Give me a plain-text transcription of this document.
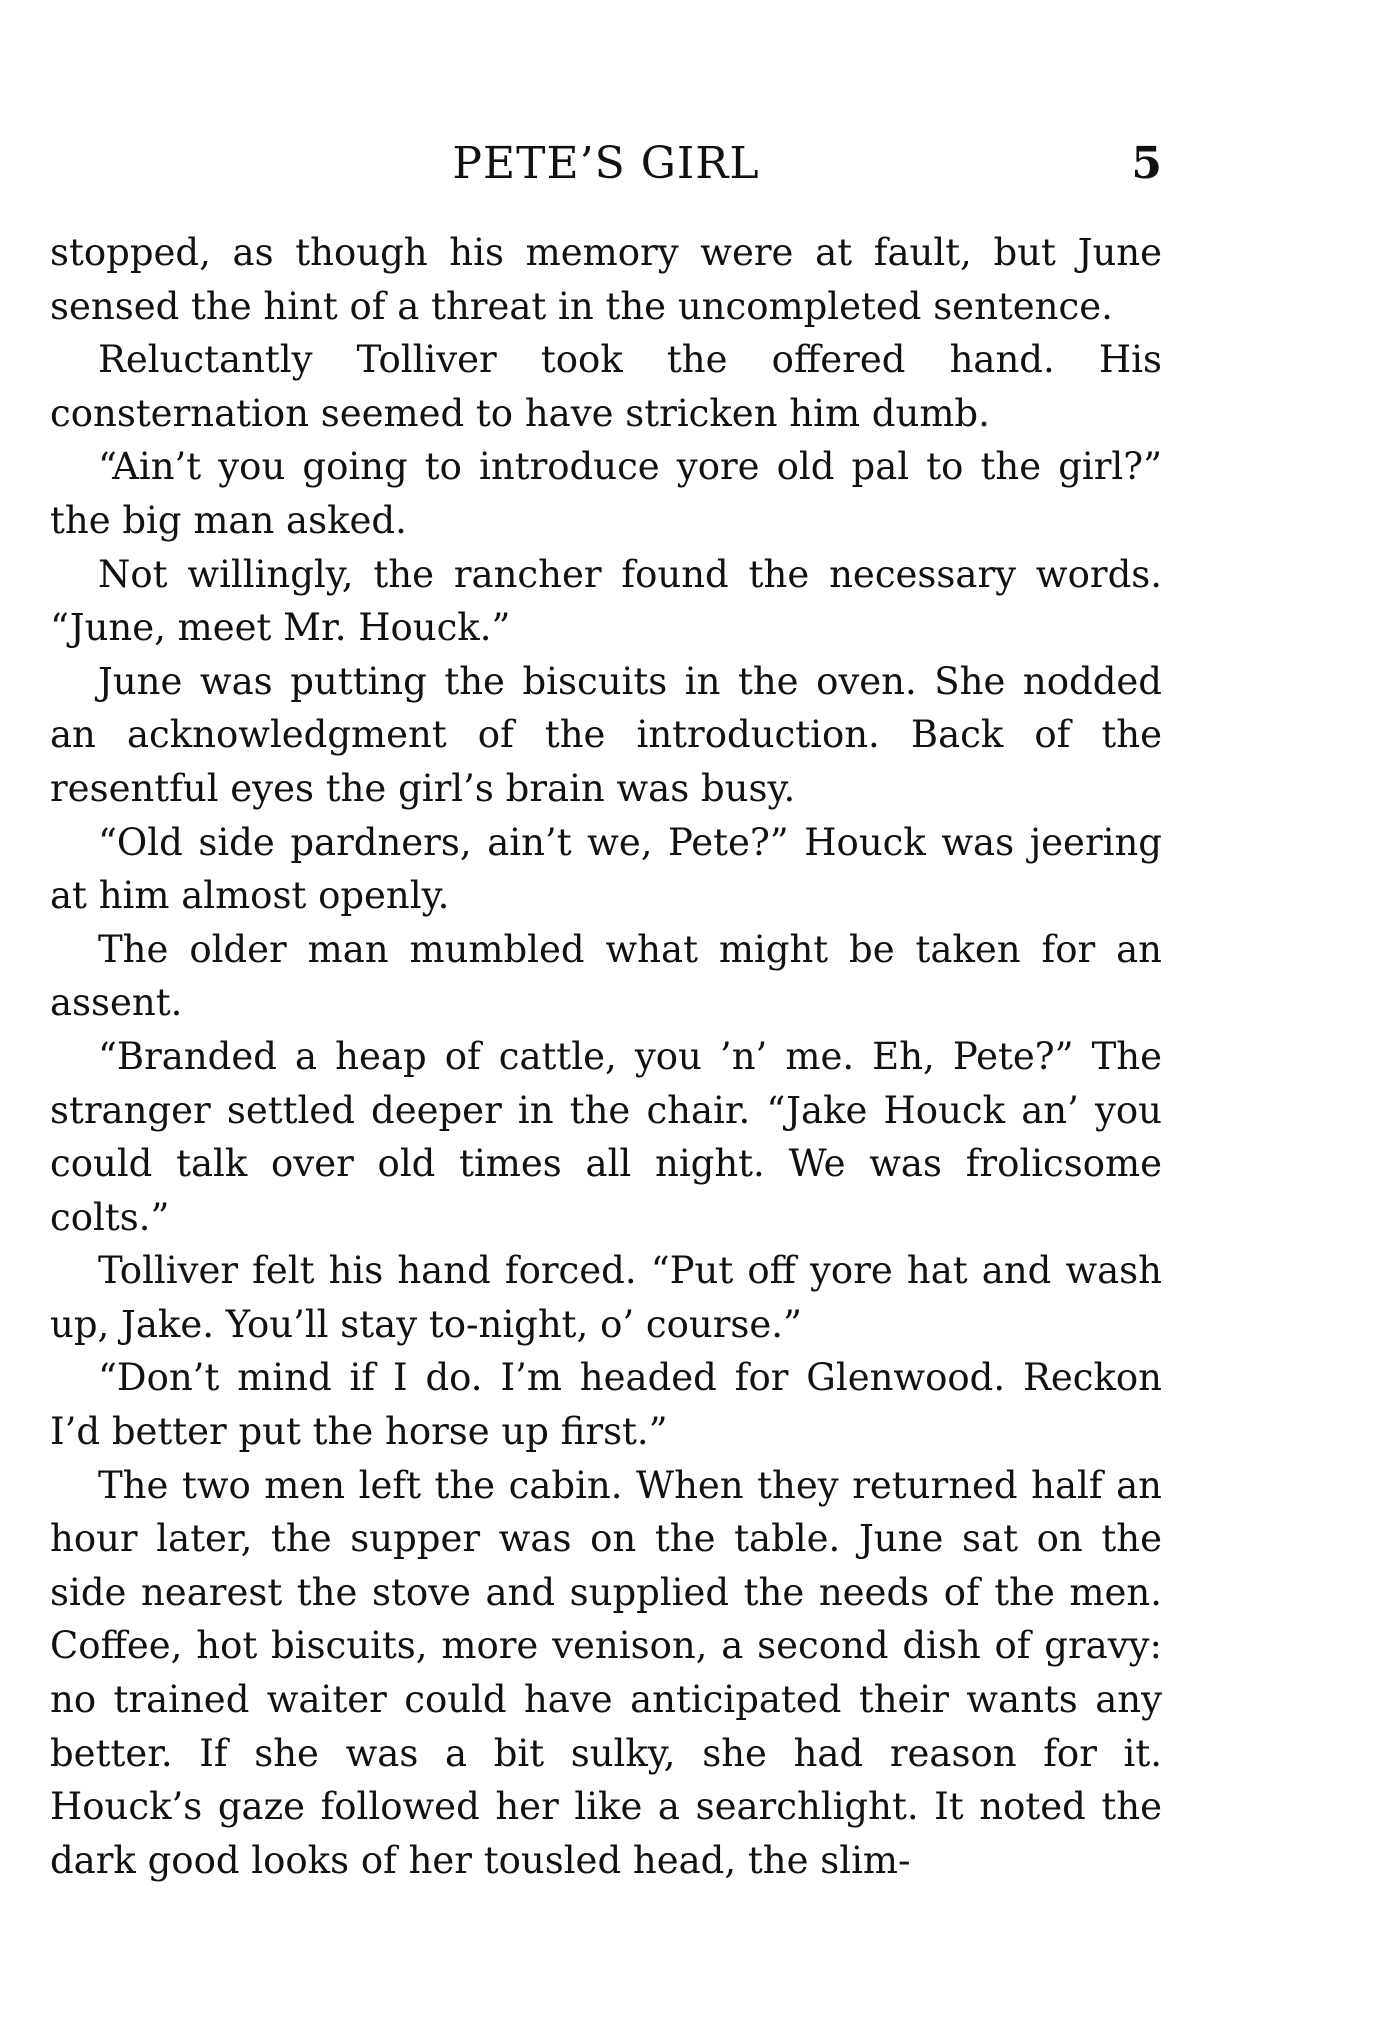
PETE’S GIRL	5

stopped, as though his memory were at fault, but June sensed the hint of a threat in the uncompleted sentence.

Reluctantly Tolliver took the offered hand. His consternation seemed to have stricken him dumb.

“Ain’t you going to introduce yore old pal to the girl?” the big man asked.

Not willingly, the rancher found the necessary words. “June, meet Mr. Houck.”

June was putting the biscuits in the oven. She nodded an acknowledgment of the introduction. Back of the resentful eyes the girl’s brain was busy.

“Old side pardners, ain’t we, Pete?” Houck was jeering at him almost openly.

The older man mumbled what might be taken for an assent.

“Branded a heap of cattle, you ’n’ me. Eh, Pete?” The stranger settled deeper in the chair. “Jake Houck an’ you could talk over old times all night. We was frolicsome colts.”

Tolliver felt his hand forced. “Put off yore hat and wash up, Jake. You’ll stay to-night, o’ course.”

“Don’t mind if I do. I’m headed for Glenwood. Reckon I’d better put the horse up first.”

The two men left the cabin. When they returned half an hour later, the supper was on the table. June sat on the side nearest the stove and supplied the needs of the men. Coffee, hot biscuits, more venison, a second dish of gravy: no trained waiter could have anticipated their wants any better. If she was a bit sulky, she had reason for it. Houck’s gaze followed her like a searchlight. It noted the dark good looks of her tousled head, the slim-
